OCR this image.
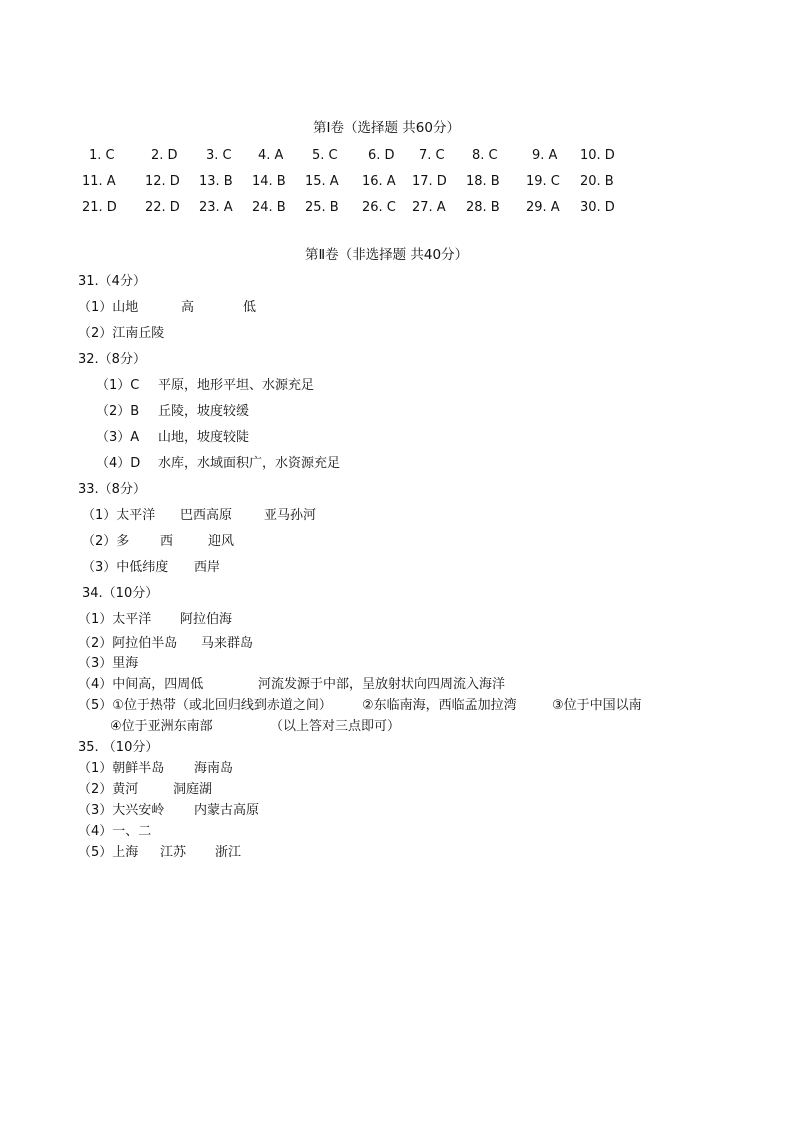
第Ⅰ卷（选择题 共60分）
1. C	2. D 3. C 4. A 5. C 6. D 7. C 8. C	9. A 10. D
11. A 12. D 13. B 14. B 15. A 16. A 17. D 18. B 19. C 20. B
21. D 22. D 23. A 24. B 25. B 26. C 27. A 28. B 29. A 30. D
第Ⅱ卷（非选择题 共40分）
31.（4分）
（1）山地	高	低
（2）江南丘陵
32.（8分）
（1）C 平原，地形平坦、水源充足
（2）B 丘陵，坡度较缓
（3）A 山地，坡度较陡
（4）D 水库，水域面积广，水资源充足
33.（8分）
（1）太平洋 巴西高原 亚马孙河
（2）多 西	迎风
（3）中低纬度 西岸
34.（10分）
（1）太平洋 阿拉伯海
（2）阿拉伯半岛 马来群岛
（3）里海
（4）中间高，四周低	河流发源于中部，呈放射状向四周流入海洋
（5）①位于热带（或北回归线到赤道之间） ②东临南海，西临孟加拉湾	③位于中国以南
④位于亚洲东南部	（以上答对三点即可）
35. （10分）
（1）朝鲜半岛 海南岛
（2）黄河	洞庭湖
（3）大兴安岭 内蒙古高原
（4）一、二
（5）上海 江苏 浙江
